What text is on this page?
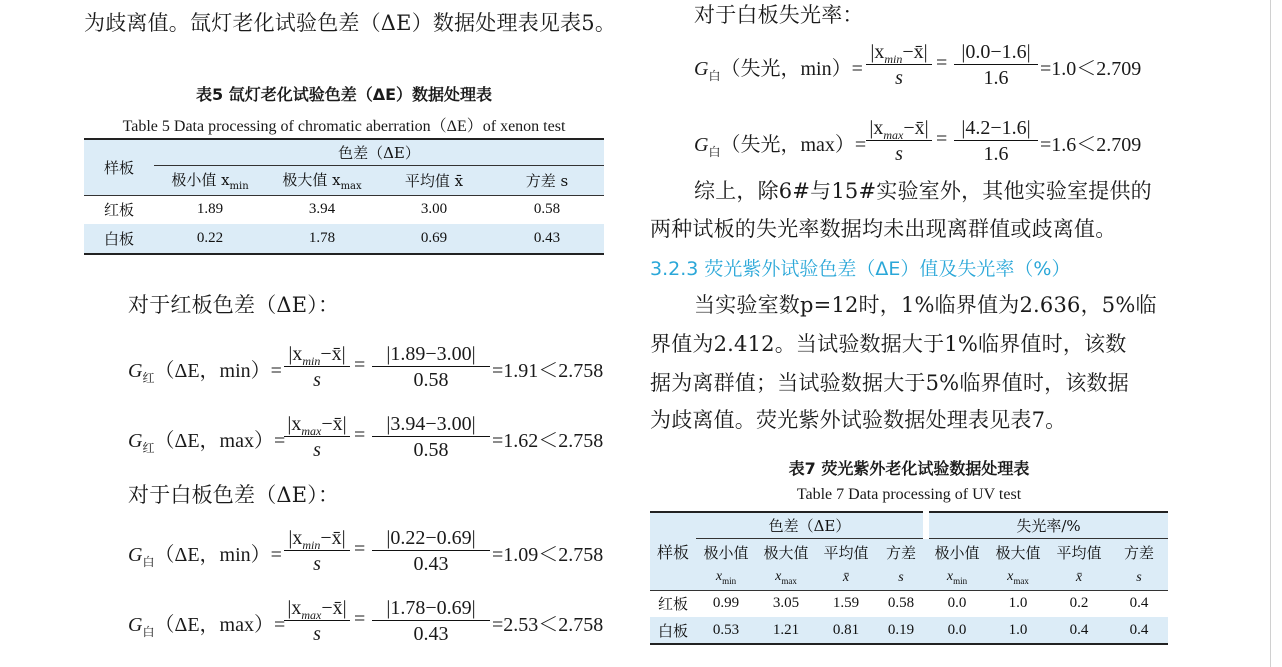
为歧离值。氙灯老化试验色差（ΔE）数据处理表见表5。
表5 氙灯老化试验色差（ΔE）数据处理表
Table 5 Data processing of chromatic aberration（ΔE）of xenon test
样板	色差（ΔE）			
	极小值 $x_{min}$	极大值 $x_{max}$	平均值 x̄	方差 s
红板	1.89	3.94	3.00	0.58
白板	0.22	1.78	0.69	0.43
对于红板色差（ΔE）：
$G_红(\Delta E$，min）=
$|x_{min}-x̄|$
s
= $\frac{|1.89-3.00|}{0.58} =1.91<2.758$
$G_红(\Delta E$，max）=
$|x_{max}-x̄|$
s
= $\frac{|3.94-3.00|}{0.58} =1.62<2.758$
对于白板色差（ΔE）：
$G_白(\Delta E$，min）=
$|x_{min}-x̄|$
s
= $\frac{|0.22-0.69|}{0.43} =1.09<2.758$
$G_白(\Delta E$，max）=
$|x_{max}-x̄|$
s
= $\frac{|1.78-0.69|}{0.43} =2.53<2.758$
对于白板失光率：
$G_白$（失光，min）=
$|x_{min}-x̄|$
s
= $\frac{|0.0-1.6|}{1.6} =1.0<2.709$
$G_白$（失光，max）=
$|x_{max}-x̄|$
s
= $\frac{|4.2-1.6|}{1.6} =1.6<2.709$
综上，除6#与15#实验室外，其他实验室提供的
两种试板的失光率数据均未出现离群值或歧离值。
3.2.3 荧光紫外试验色差（ΔE）值及失光率（%）
当实验室数p=12时，1%临界值为2.636，5%临
界值为2.412。当试验数据大于1%临界值时，该数
据为离群值；当试验数据大于5%临界值时，该数据
为歧离值。荧光紫外试验数据处理表见表7。
表7 荧光紫外老化试验数据处理表
Table 7 Data processing of UV test
样板	色差（ΔE）				失光率/%			
	极小值	极大值	平均值	方差	极小值	极大值	平均值	方差
	$x_{min}$	$x_{max}$	x̄	s	$x_{min}$	$x_{max}$	x̄	s
红板	0.99	3.05	1.59	0.58	0.0	1.0	0.2	0.4
白板	0.53	1.21	0.81	0.19	0.0	1.0	0.4	0.4
